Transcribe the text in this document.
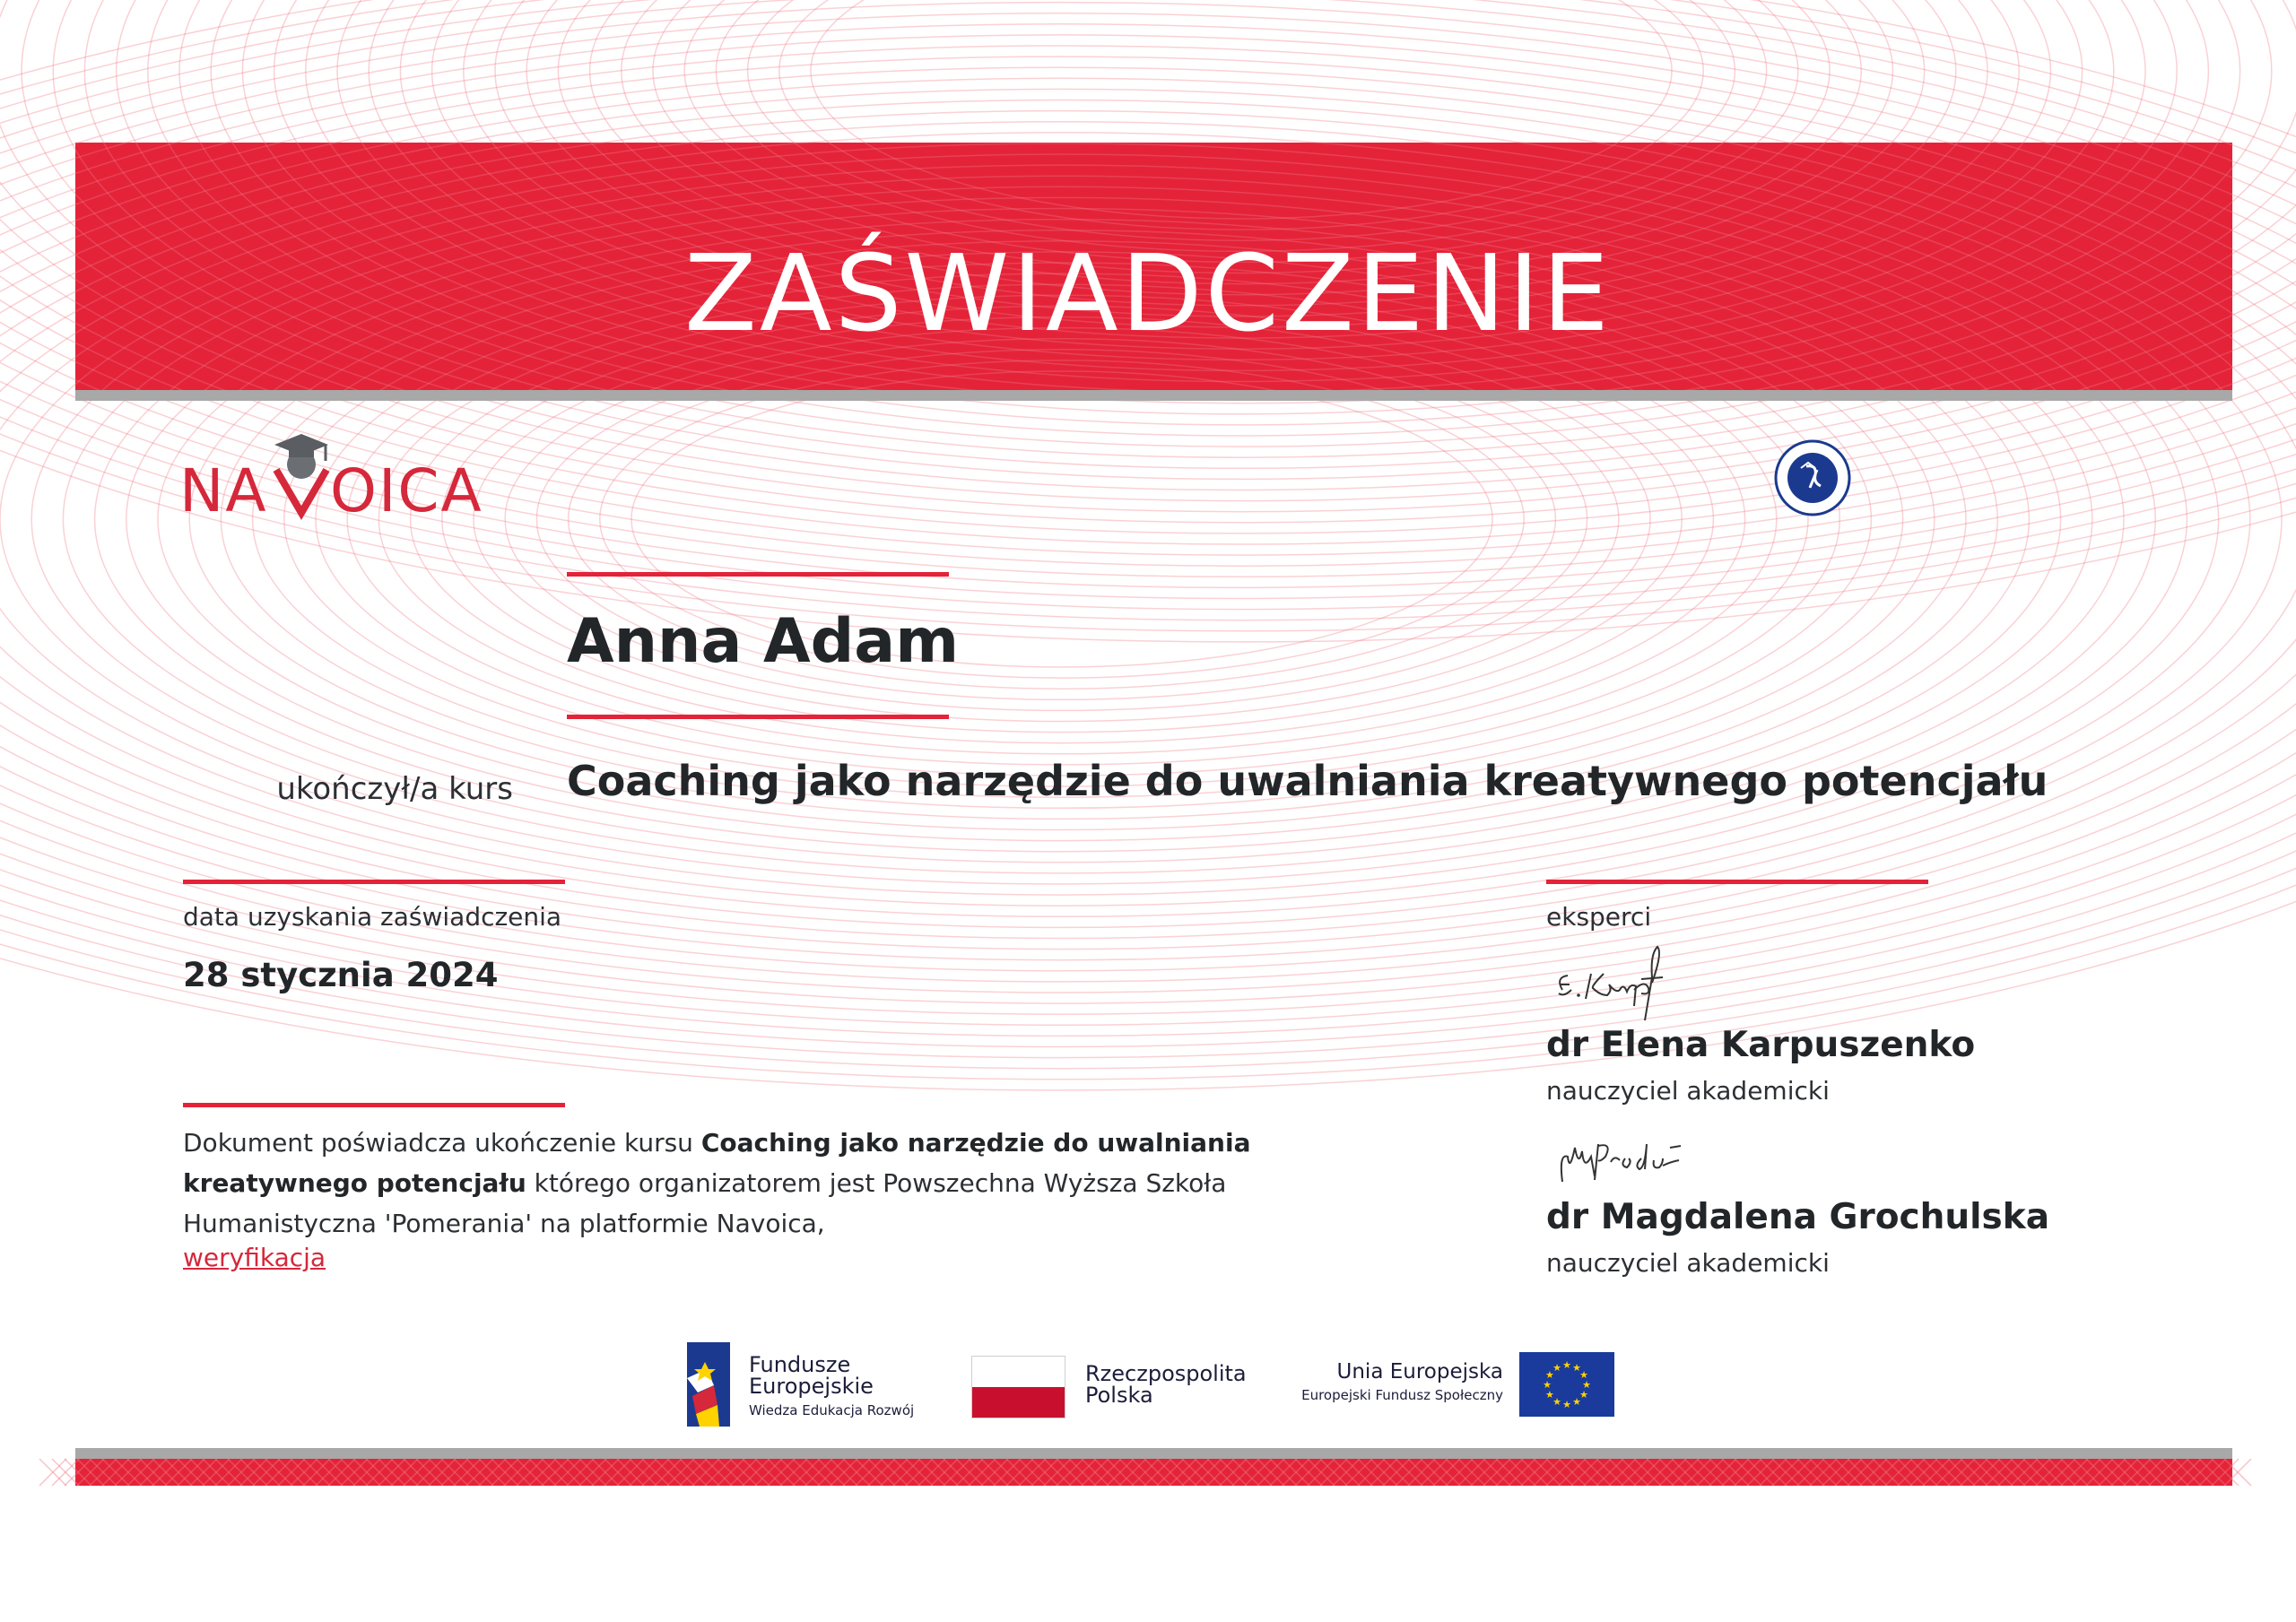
ZAŚWIADCZENIE
NA OICA
Anna Adam
ukończył/a kurs Coaching jako narzędzie do uwalniania kreatywnego potencjału
data uzyskania zaświadczenia
28 stycznia 2024
eksperci
dr Elena Karpuszenko
nauczyciel akademicki
dr Magdalena Grochulska
nauczyciel akademicki
Dokument poświadcza ukończenie kursu Coaching jako narzędzie do uwalniania kreatywnego potencjału którego organizatorem jest Powszechna Wyższa Szkoła Humanistyczna 'Pomerania' na platformie Navoica,
weryfikacja
Fundusze
Europejskie
Wiedza Edukacja Rozwój
Rzeczpospolita
Polska
Unia Europejska
Europejski Fundusz Społeczny
★
★
★
★
★
★
★
★
★ ★ ★
★
